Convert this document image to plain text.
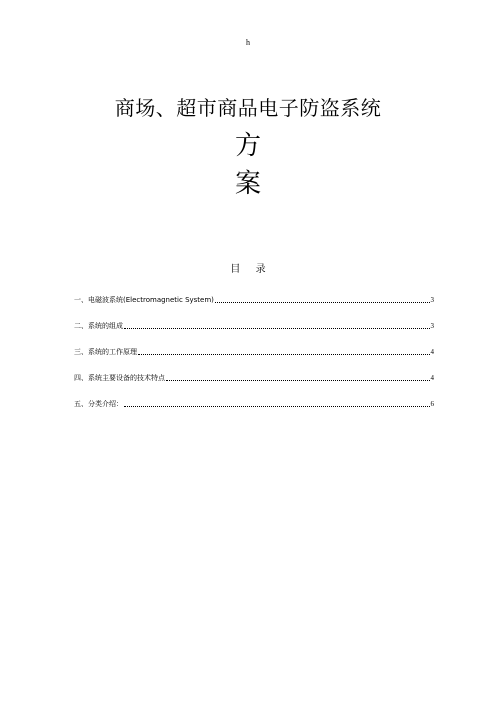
h
商场、超市商品电子防盗系统
方
案
目 录
一、电磁波系统(Electromagnetic System)	3
二、系统的组成	3
三、系统的工作原理	4
四、系统主要设备的技术特点	4
五、分类介绍：	6
